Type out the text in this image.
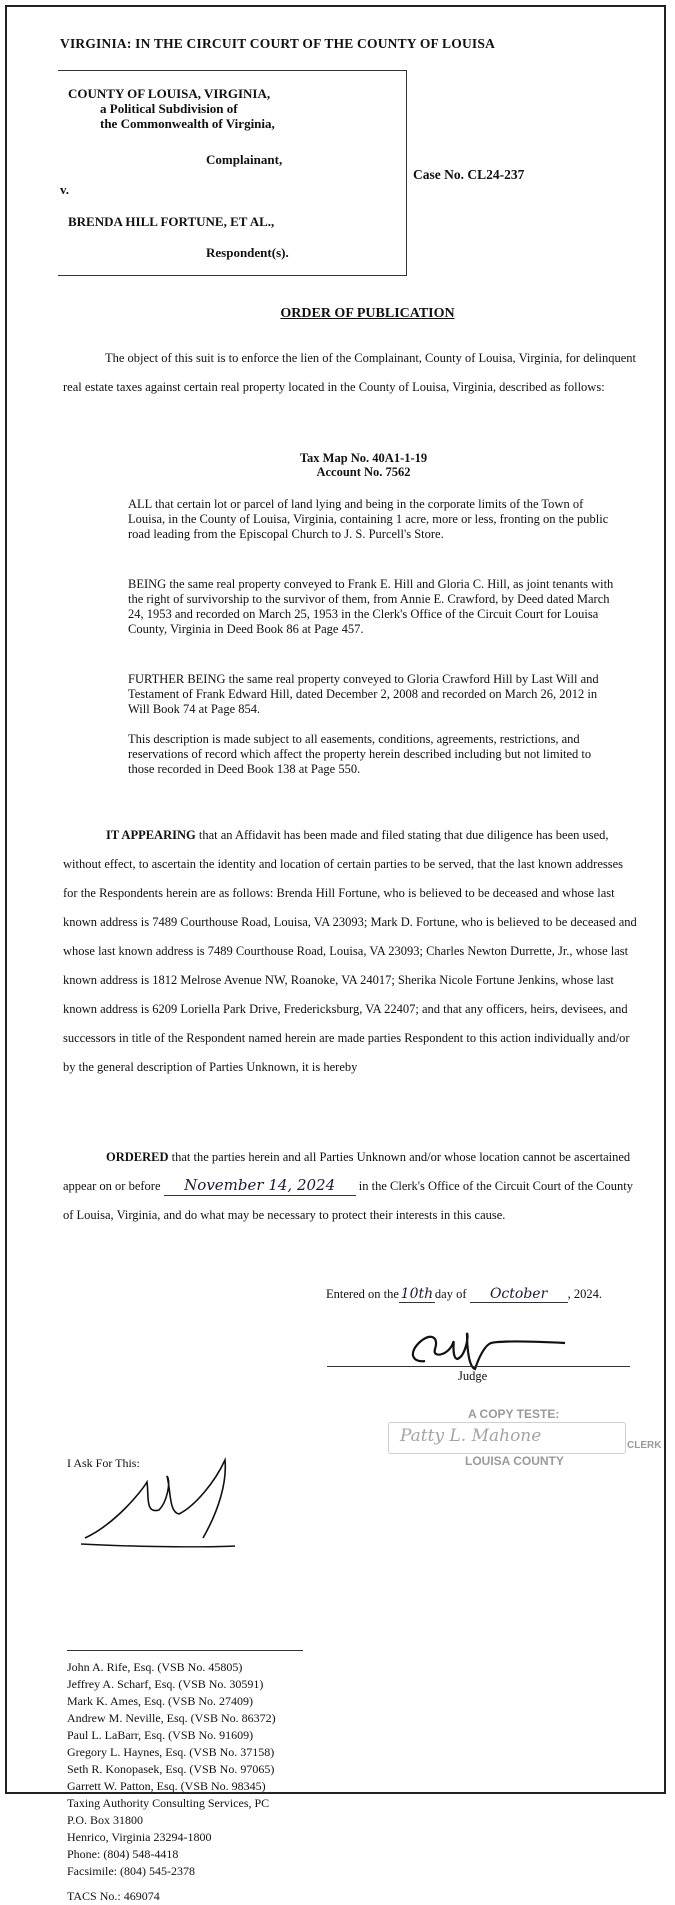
VIRGINIA: IN THE CIRCUIT COURT OF THE COUNTY OF LOUISA
COUNTY OF LOUISA, VIRGINIA,
a Political Subdivision of
the Commonwealth of Virginia,
Complainant,
v.
BRENDA HILL FORTUNE, ET AL.,
Respondent(s).
Case No. CL24-237
ORDER OF PUBLICATION
The object of this suit is to enforce the lien of the Complainant, County of Louisa, Virginia, for delinquent real estate taxes against certain real property located in the County of Louisa, Virginia, described as follows:
Tax Map No. 40A1-1-19
Account No. 7562
ALL that certain lot or parcel of land lying and being in the corporate limits of the Town of Louisa, in the County of Louisa, Virginia, containing 1 acre, more or less, fronting on the public road leading from the Episcopal Church to J. S. Purcell's Store.
BEING the same real property conveyed to Frank E. Hill and Gloria C. Hill, as joint tenants with the right of survivorship to the survivor of them, from Annie E. Crawford, by Deed dated March 24, 1953 and recorded on March 25, 1953 in the Clerk's Office of the Circuit Court for Louisa County, Virginia in Deed Book 86 at Page 457.
FURTHER BEING the same real property conveyed to Gloria Crawford Hill by Last Will and Testament of Frank Edward Hill, dated December 2, 2008 and recorded on March 26, 2012 in Will Book 74 at Page 854.
This description is made subject to all easements, conditions, agreements, restrictions, and reservations of record which affect the property herein described including but not limited to those recorded in Deed Book 138 at Page 550.
IT APPEARING that an Affidavit has been made and filed stating that due diligence has been used, without effect, to ascertain the identity and location of certain parties to be served, that the last known addresses for the Respondents herein are as follows: Brenda Hill Fortune, who is believed to be deceased and whose last known address is 7489 Courthouse Road, Louisa, VA 23093; Mark D. Fortune, who is believed to be deceased and whose last known address is 7489 Courthouse Road, Louisa, VA 23093; Charles Newton Durrette, Jr., whose last known address is 1812 Melrose Avenue NW, Roanoke, VA 24017; Sherika Nicole Fortune Jenkins, whose last known address is 6209 Loriella Park Drive, Fredericksburg, VA 22407; and that any officers, heirs, devisees, and successors in title of the Respondent named herein are made parties Respondent to this action individually and/or by the general description of Parties Unknown, it is hereby
ORDERED that the parties herein and all Parties Unknown and/or whose location cannot be ascertained appear on or before November 14, 2024 in the Clerk's Office of the Circuit Court of the County of Louisa, Virginia, and do what may be necessary to protect their interests in this cause.
Entered on the 10th day of October , 2024.
Judge
A COPY TESTE:
Patty L. Mahone	CLERK
LOUISA COUNTY
I Ask For This:
John A. Rife, Esq. (VSB No. 45805)
Jeffrey A. Scharf, Esq. (VSB No. 30591)
Mark K. Ames, Esq. (VSB No. 27409)
Andrew M. Neville, Esq. (VSB No. 86372)
Paul L. LaBarr, Esq. (VSB No. 91609)
Gregory L. Haynes, Esq. (VSB No. 37158)
Seth R. Konopasek, Esq. (VSB No. 97065)
Garrett W. Patton, Esq. (VSB No. 98345)
Taxing Authority Consulting Services, PC
P.O. Box 31800
Henrico, Virginia 23294-1800
Phone: (804) 548-4418
Facsimile: (804) 545-2378
TACS No.: 469074
